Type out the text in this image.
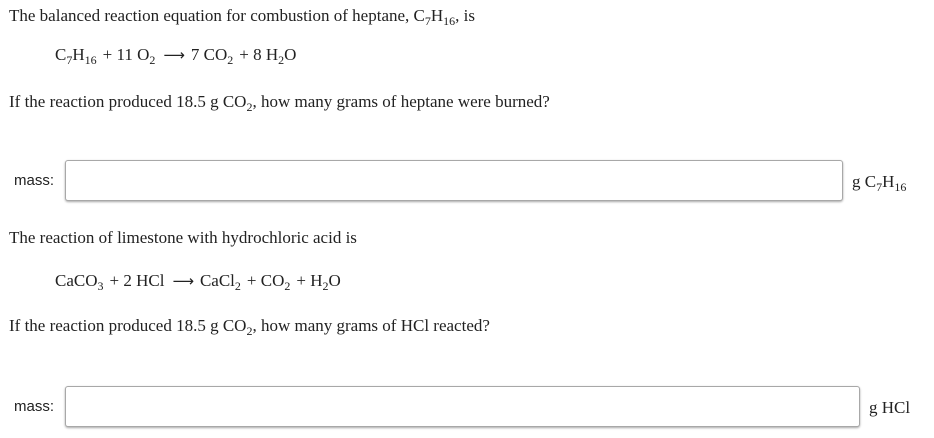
The balanced reaction equation for combustion of heptane, $C_7H_{16}$, is
$C_7H_{16} + 11$ $O_2$ ⟶ 7 $CO_2 + 8$ $H_2O$
If the reaction produced 18.5 g $CO_2$, how many grams of heptane were burned?
mass:	g $C_7H_{16}$
The reaction of limestone with hydrochloric acid is
CaCO$_3$ + 2 HCl ⟶ CaCl$_2$ + $CO_2 + H_2O$
If the reaction produced 18.5 g $CO_2$, how many grams of HCl reacted?
mass:	g HCl
